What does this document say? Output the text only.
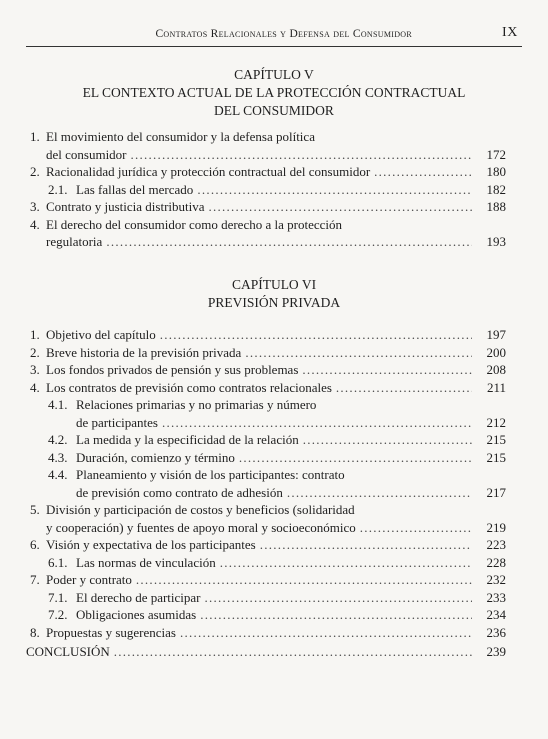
Contratos Relacionales y Defensa del Consumidor	IX
CAPÍTULO V
EL CONTEXTO ACTUAL DE LA PROTECCIÓN CONTRACTUAL
DEL CONSUMIDOR
1. El movimiento del consumidor y la defensa política
del consumidor . . .	172
2. Racionalidad jurídica y protección contractual del consumidor . . .	180
2.1. Las fallas del mercado . . .	182
3. Contrato y justicia distributiva . . .	188
4. El derecho del consumidor como derecho a la protección
regulatoria . . .	193
CAPÍTULO VI
PREVISIÓN PRIVADA
1. Objetivo del capítulo . . .	197
2. Breve historia de la previsión privada . . .	200
3. Los fondos privados de pensión y sus problemas . . .	208
4. Los contratos de previsión como contratos relacionales . . .	211
4.1. Relaciones primarias y no primarias y número
de participantes . . .	212
4.2. La medida y la especificidad de la relación . . .	215
4.3. Duración, comienzo y término . . .	215
4.4. Planeamiento y visión de los participantes: contrato
de previsión como contrato de adhesión . . .	217
5. División y participación de costos y beneficios (solidaridad
y cooperación) y fuentes de apoyo moral y socioeconómico . . .	219
6. Visión y expectativa de los participantes . . .	223
6.1. Las normas de vinculación . . .	228
7. Poder y contrato . . .	232
7.1. El derecho de participar . . .	233
7.2. Obligaciones asumidas . . .	234
8. Propuestas y sugerencias . . .	236
CONCLUSIÓN . . .	239
